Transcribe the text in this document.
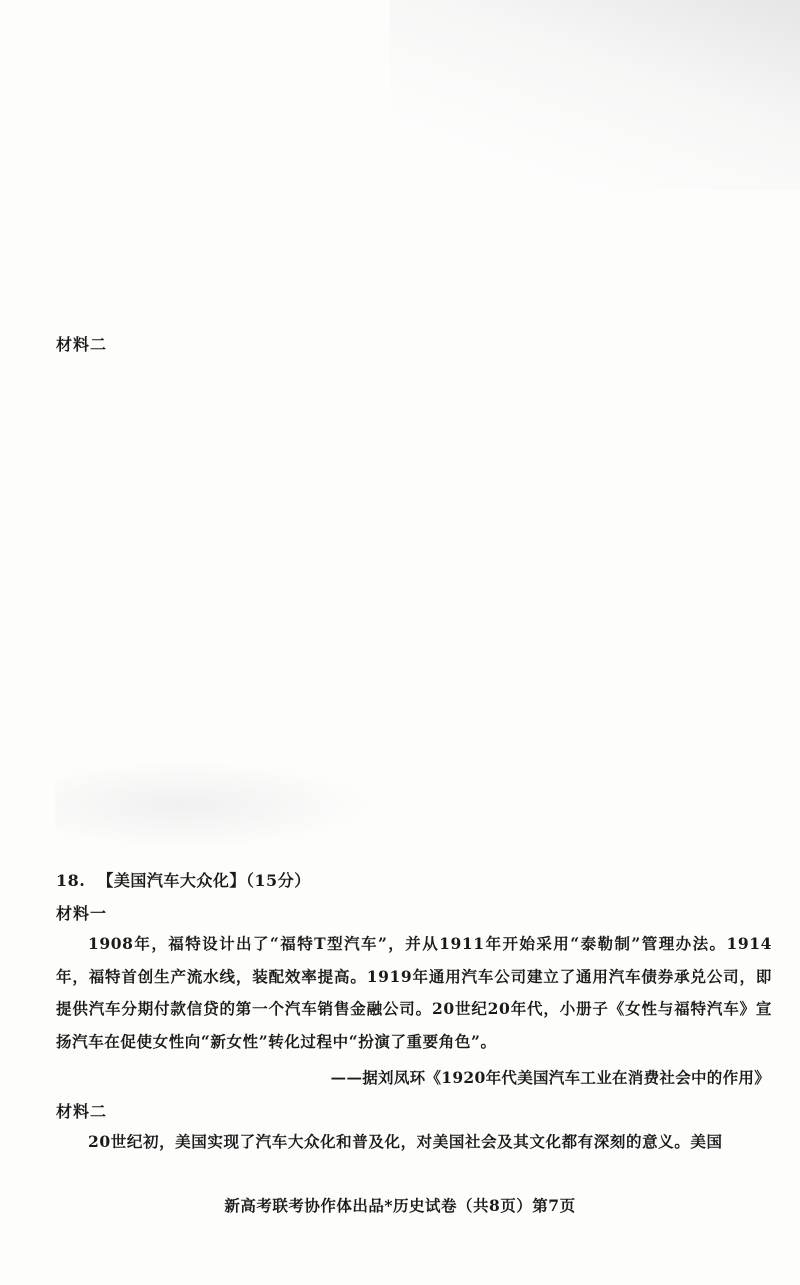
材料二
18. 【美国汽车大众化】（15分）
材料一
1908年，福特设计出了“福特T型汽车”，并从1911年开始采用“泰勒制”管理办法。1914年，福特首创生产流水线，装配效率提高。1919年通用汽车公司建立了通用汽车债券承兑公司，即提供汽车分期付款信贷的第一个汽车销售金融公司。20世纪20年代，小册子《女性与福特汽车》宣扬汽车在促使女性向“新女性”转化过程中“扮演了重要角色”。
——据刘凤环《1920年代美国汽车工业在消费社会中的作用》
材料二
20世纪初，美国实现了汽车大众化和普及化，对美国社会及其文化都有深刻的意义。美国
新高考联考协作体出品*历史试卷（共8页）第7页
